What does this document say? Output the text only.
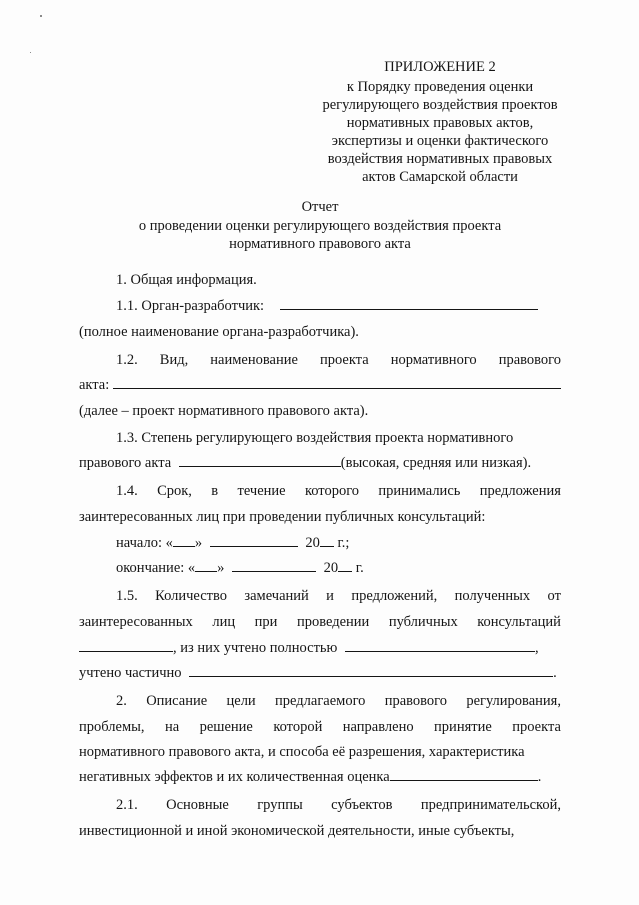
ПРИЛОЖЕНИЕ 2
к Порядку проведения оценки
регулирующего воздействия проектов
нормативных правовых актов,
экспертизы и оценки фактического
воздействия нормативных правовых
актов Самарской области
Отчет
о проведении оценки регулирующего воздействия проекта
нормативного правового акта
1. Общая информация.
1.1. Орган-разработчик:
(полное наименование органа-разработчика).
1.2. Вид, наименование проекта нормативного правового
акта:
(далее – проект нормативного правового акта).
1.3. Степень регулирующего воздействия проекта нормативного
правового акта	(высокая, средняя или низкая).
1.4. Срок, в течение которого принимались предложения
заинтересованных лиц при проведении публичных консультаций:
начало: « »	20 г.;
окончание: « »	20 г.
1.5. Количество замечаний и предложений, полученных от
заинтересованных лиц при проведении публичных консультаций
, из них учтено полностью	,
учтено частично	.
2. Описание цели предлагаемого правового регулирования,
проблемы, на решение которой направлено принятие проекта
нормативного правового акта, и способа её разрешения, характеристика
негативных эффектов и их количественная оценка	.
2.1. Основные группы субъектов предпринимательской,
инвестиционной и иной экономической деятельности, иные субъекты,
